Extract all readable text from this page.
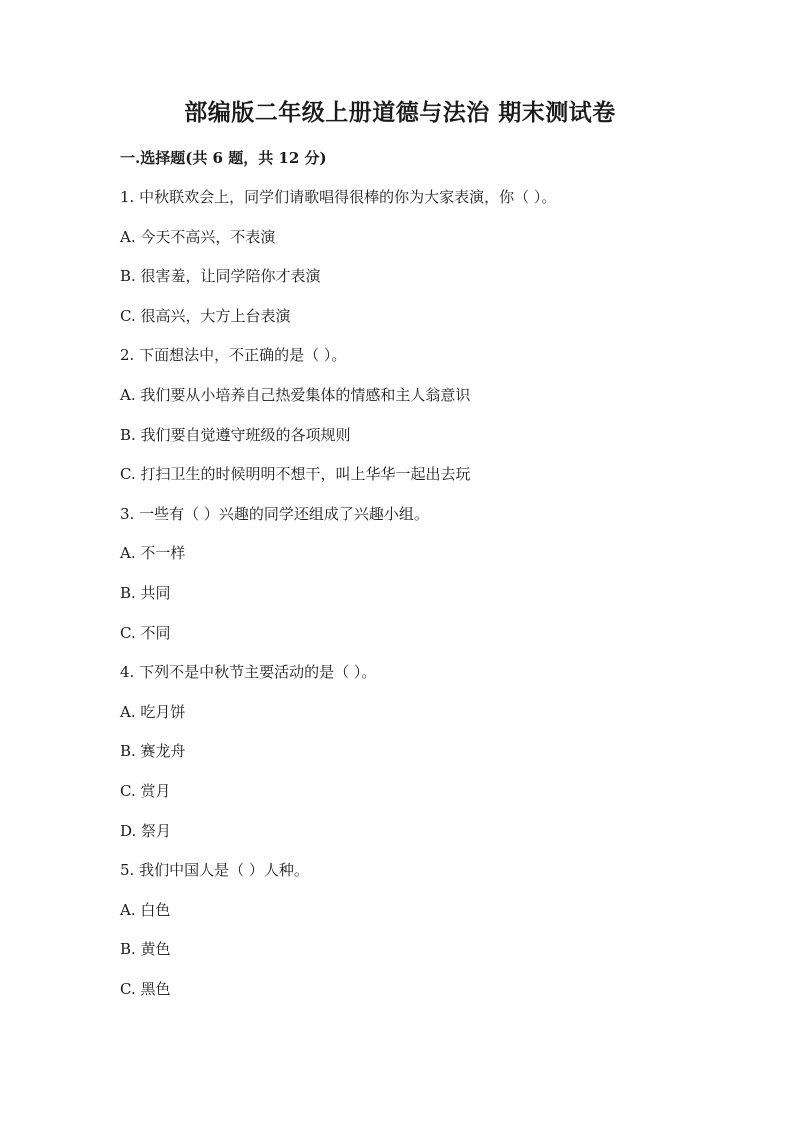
部编版二年级上册道德与法治 期末测试卷
一.选择题(共 6 题，共 12 分)
1. 中秋联欢会上，同学们请歌唱得很棒的你为大家表演，你（ ）。
A. 今天不高兴，不表演
B. 很害羞，让同学陪你才表演
C. 很高兴，大方上台表演
2. 下面想法中，不正确的是（ ）。
A. 我们要从小培养自己热爱集体的情感和主人翁意识
B. 我们要自觉遵守班级的各项规则
C. 打扫卫生的时候明明不想干，叫上华华一起出去玩
3. 一些有（ ）兴趣的同学还组成了兴趣小组。
A. 不一样
B. 共同
C. 不同
4. 下列不是中秋节主要活动的是（ ）。
A. 吃月饼
B. 赛龙舟
C. 赏月
D. 祭月
5. 我们中国人是（ ）人种。
A. 白色
B. 黄色
C. 黑色
